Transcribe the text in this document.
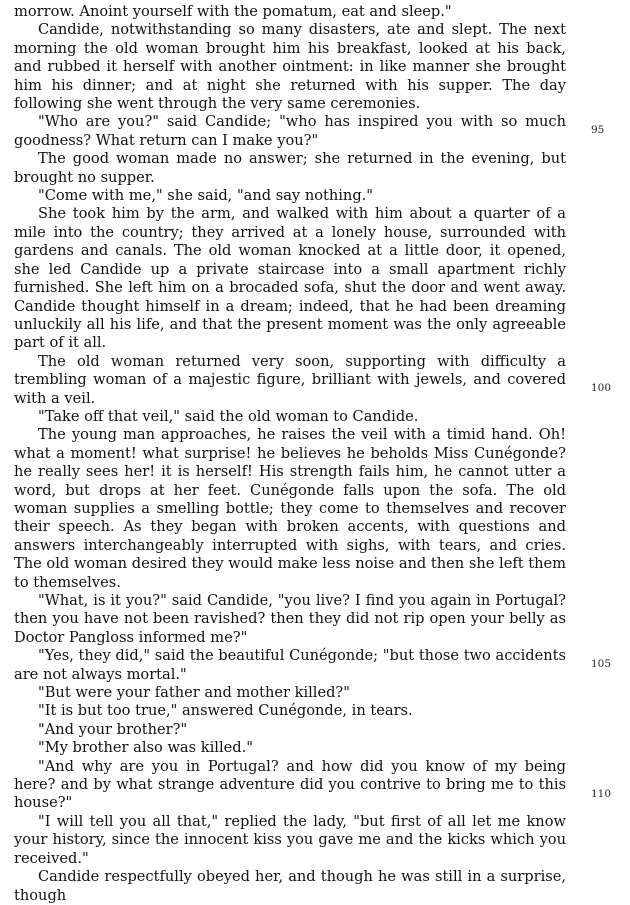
morrow. Anoint yourself with the pomatum, eat and sleep."

Candide, notwithstanding so many disasters, ate and slept. The next morning the old woman brought him his breakfast, looked at his back, and rubbed it herself with another ointment: in like manner she brought him his dinner; and at night she returned with his supper. The day following she went through the very same ceremonies.

"Who are you?" said Candide; "who has inspired you with so much goodness? What return can I make you?"

The good woman made no answer; she returned in the evening, but brought no supper.

"Come with me," she said, "and say nothing."

She took him by the arm, and walked with him about a quarter of a mile into the country; they arrived at a lonely house, surrounded with gardens and canals. The old woman knocked at a little door, it opened, she led Candide up a private staircase into a small apartment richly furnished. She left him on a brocaded sofa, shut the door and went away. Candide thought himself in a dream; indeed, that he had been dreaming unluckily all his life, and that the present moment was the only agreeable part of it all.

The old woman returned very soon, supporting with difficulty a trembling woman of a majestic figure, brilliant with jewels, and covered with a veil.

"Take off that veil," said the old woman to Candide.

The young man approaches, he raises the veil with a timid hand. Oh! what a moment! what surprise! he believes he beholds Miss Cunégonde? he really sees her! it is herself! His strength fails him, he cannot utter a word, but drops at her feet. Cunégonde falls upon the sofa. The old woman supplies a smelling bottle; they come to themselves and recover their speech. As they began with broken accents, with questions and answers interchangeably interrupted with sighs, with tears, and cries. The old woman desired they would make less noise and then she left them to themselves.

"What, is it you?" said Candide, "you live? I find you again in Portugal? then you have not been ravished? then they did not rip open your belly as Doctor Pangloss informed me?"

"Yes, they did," said the beautiful Cunégonde; "but those two accidents are not always mortal."

"But were your father and mother killed?"

"It is but too true," answered Cunégonde, in tears.

"And your brother?"

"My brother also was killed."

"And why are you in Portugal? and how did you know of my being here? and by what strange adventure did you contrive to bring me to this house?"

"I will tell you all that," replied the lady, "but first of all let me know your history, since the innocent kiss you gave me and the kicks which you received."

Candide respectfully obeyed her, and though he was still in a surprise, though

95
100
105
110
